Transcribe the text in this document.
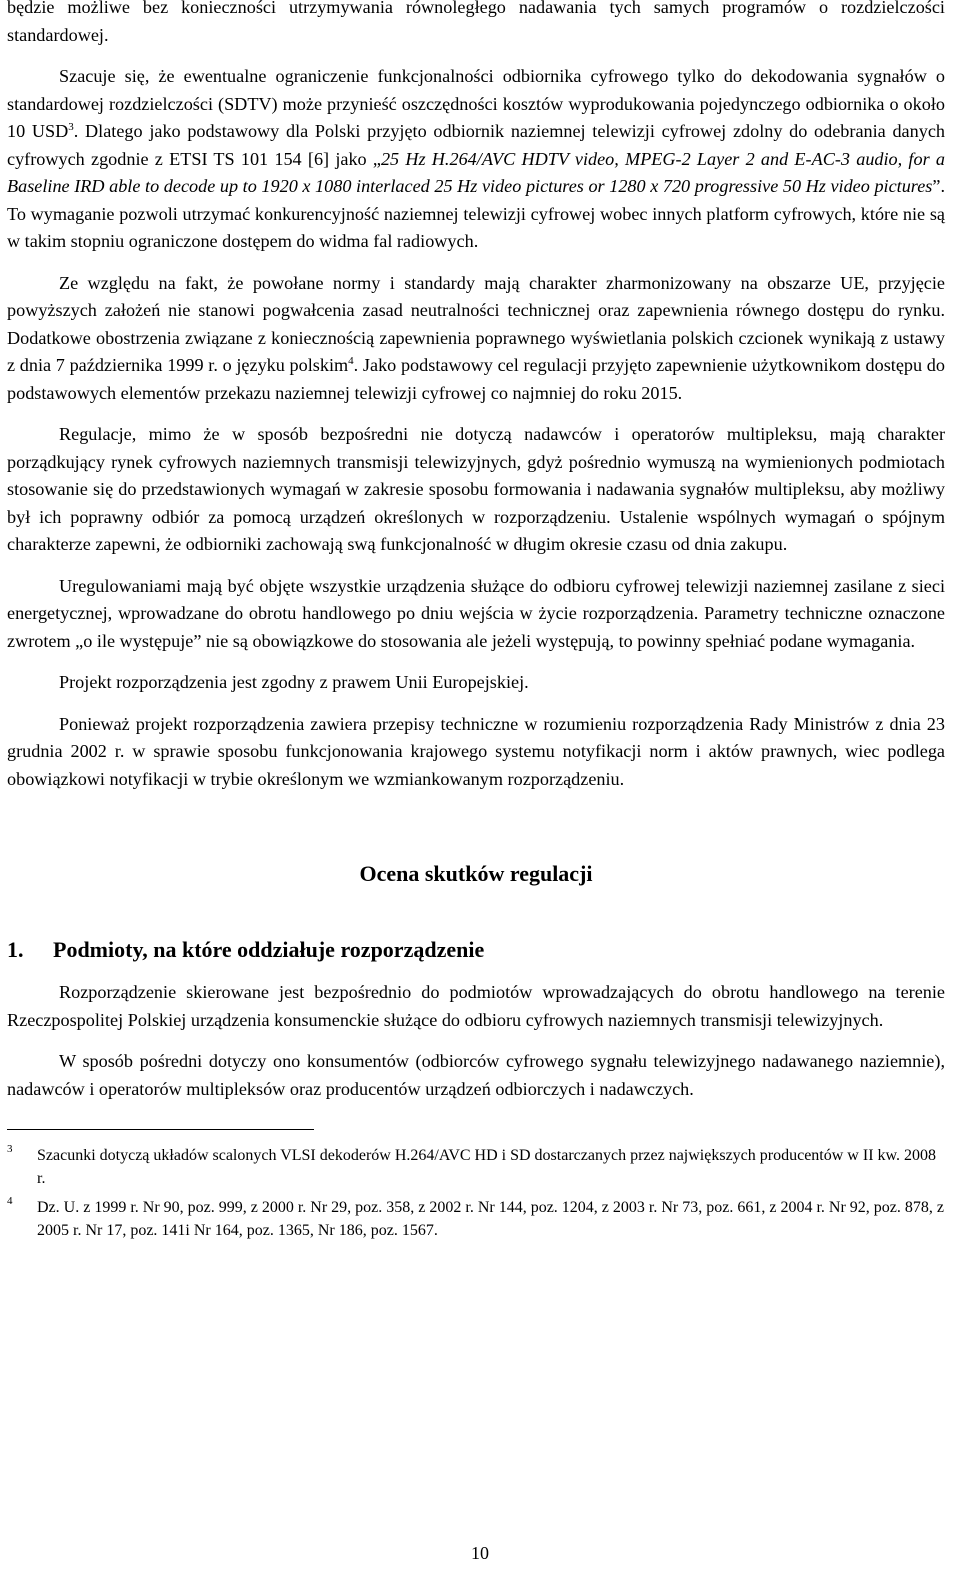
będzie możliwe bez konieczności utrzymywania równoległego nadawania tych samych programów o rozdzielczości standardowej.

Szacuje się, że ewentualne ograniczenie funkcjonalności odbiornika cyfrowego tylko do dekodowania sygnałów o standardowej rozdzielczości (SDTV) może przynieść oszczędności kosztów wyprodukowania pojedynczego odbiornika o około 10 USD$^3$. Dlatego jako podstawowy dla Polski przyjęto odbiornik naziemnej telewizji cyfrowej zdolny do odebrania danych cyfrowych zgodnie z ETSI TS 101 154 [6] jako „25 Hz H.264/AVC HDTV video, MPEG-2 Layer 2 and E-AC-3 audio, for a Baseline IRD able to decode up to 1920 x 1080 interlaced 25 Hz video pictures or 1280 x 720 progressive 50 Hz video pictures”. To wymaganie pozwoli utrzymać konkurencyjność naziemnej telewizji cyfrowej wobec innych platform cyfrowych, które nie są w takim stopniu ograniczone dostępem do widma fal radiowych.

Ze względu na fakt, że powołane normy i standardy mają charakter zharmonizowany na obszarze UE, przyjęcie powyższych założeń nie stanowi pogwałcenia zasad neutralności technicznej oraz zapewnienia równego dostępu do rynku. Dodatkowe obostrzenia związane z koniecznością zapewnienia poprawnego wyświetlania polskich czcionek wynikają z ustawy z dnia 7 października 1999 r. o języku polskim$^4$. Jako podstawowy cel regulacji przyjęto zapewnienie użytkownikom dostępu do podstawowych elementów przekazu naziemnej telewizji cyfrowej co najmniej do roku 2015.

Regulacje, mimo że w sposób bezpośredni nie dotyczą nadawców i operatorów multipleksu, mają charakter porządkujący rynek cyfrowych naziemnych transmisji telewizyjnych, gdyż pośrednio wymuszą na wymienionych podmiotach stosowanie się do przedstawionych wymagań w zakresie sposobu formowania i nadawania sygnałów multipleksu, aby możliwy był ich poprawny odbiór za pomocą urządzeń określonych w rozporządzeniu. Ustalenie wspólnych wymagań o spójnym charakterze zapewni, że odbiorniki zachowają swą funkcjonalność w długim okresie czasu od dnia zakupu.

Uregulowaniami mają być objęte wszystkie urządzenia służące do odbioru cyfrowej telewizji naziemnej zasilane z sieci energetycznej, wprowadzane do obrotu handlowego po dniu wejścia w życie rozporządzenia. Parametry techniczne oznaczone zwrotem „o ile występuje” nie są obowiązkowe do stosowania ale jeżeli występują, to powinny spełniać podane wymagania.

Projekt rozporządzenia jest zgodny z prawem Unii Europejskiej.

Ponieważ projekt rozporządzenia zawiera przepisy techniczne w rozumieniu rozporządzenia Rady Ministrów z dnia 23 grudnia 2002 r. w sprawie sposobu funkcjonowania krajowego systemu notyfikacji norm i aktów prawnych, wiec podlega obowiązkowi notyfikacji w trybie określonym we wzmiankowanym rozporządzeniu.

Ocena skutków regulacji
1. Podmioty, na które oddziałuje rozporządzenie

Rozporządzenie skierowane jest bezpośrednio do podmiotów wprowadzających do obrotu handlowego na terenie Rzeczpospolitej Polskiej urządzenia konsumenckie służące do odbioru cyfrowych naziemnych transmisji telewizyjnych.

W sposób pośredni dotyczy ono konsumentów (odbiorców cyfrowego sygnału telewizyjnego nadawanego naziemnie), nadawców i operatorów multipleksów oraz producentów urządzeń odbiorczych i nadawczych.

3	Szacunki dotyczą układów scalonych VLSI dekoderów H.264/AVC HD i SD dostarczanych przez największych producentów w II kw. 2008 r.
4	Dz. U. z 1999 r. Nr 90, poz. 999, z 2000 r. Nr 29, poz. 358, z 2002 r. Nr 144, poz. 1204, z 2003 r. Nr 73, poz. 661, z 2004 r. Nr 92, poz. 878, z 2005 r. Nr 17, poz. 141i Nr 164, poz. 1365, Nr 186, poz. 1567.
10
